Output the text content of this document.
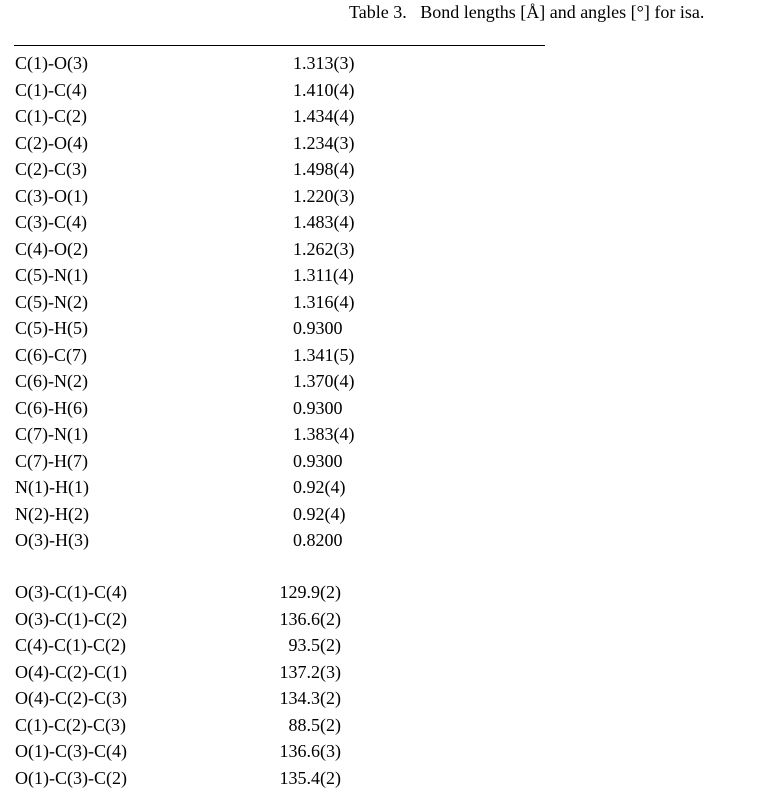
Table 3.   Bond lengths [Å] and angles [°] for isa.
C(1)-O(3)	1.313(3)
C(1)-C(4)	1.410(4)
C(1)-C(2)	1.434(4)
C(2)-O(4)	1.234(3)
C(2)-C(3)	1.498(4)
C(3)-O(1)	1.220(3)
C(3)-C(4)	1.483(4)
C(4)-O(2)	1.262(3)
C(5)-N(1)	1.311(4)
C(5)-N(2)	1.316(4)
C(5)-H(5)	0.9300
C(6)-C(7)	1.341(5)
C(6)-N(2)	1.370(4)
C(6)-H(6)	0.9300
C(7)-N(1)	1.383(4)
C(7)-H(7)	0.9300
N(1)-H(1)	0.92(4)
N(2)-H(2)	0.92(4)
O(3)-H(3)	0.8200
O(3)-C(1)-C(4)	129.9(2)
O(3)-C(1)-C(2)	136.6(2)
C(4)-C(1)-C(2)	93.5(2)
O(4)-C(2)-C(1)	137.2(3)
O(4)-C(2)-C(3)	134.3(2)
C(1)-C(2)-C(3)	88.5(2)
O(1)-C(3)-C(4)	136.6(3)
O(1)-C(3)-C(2)	135.4(2)
